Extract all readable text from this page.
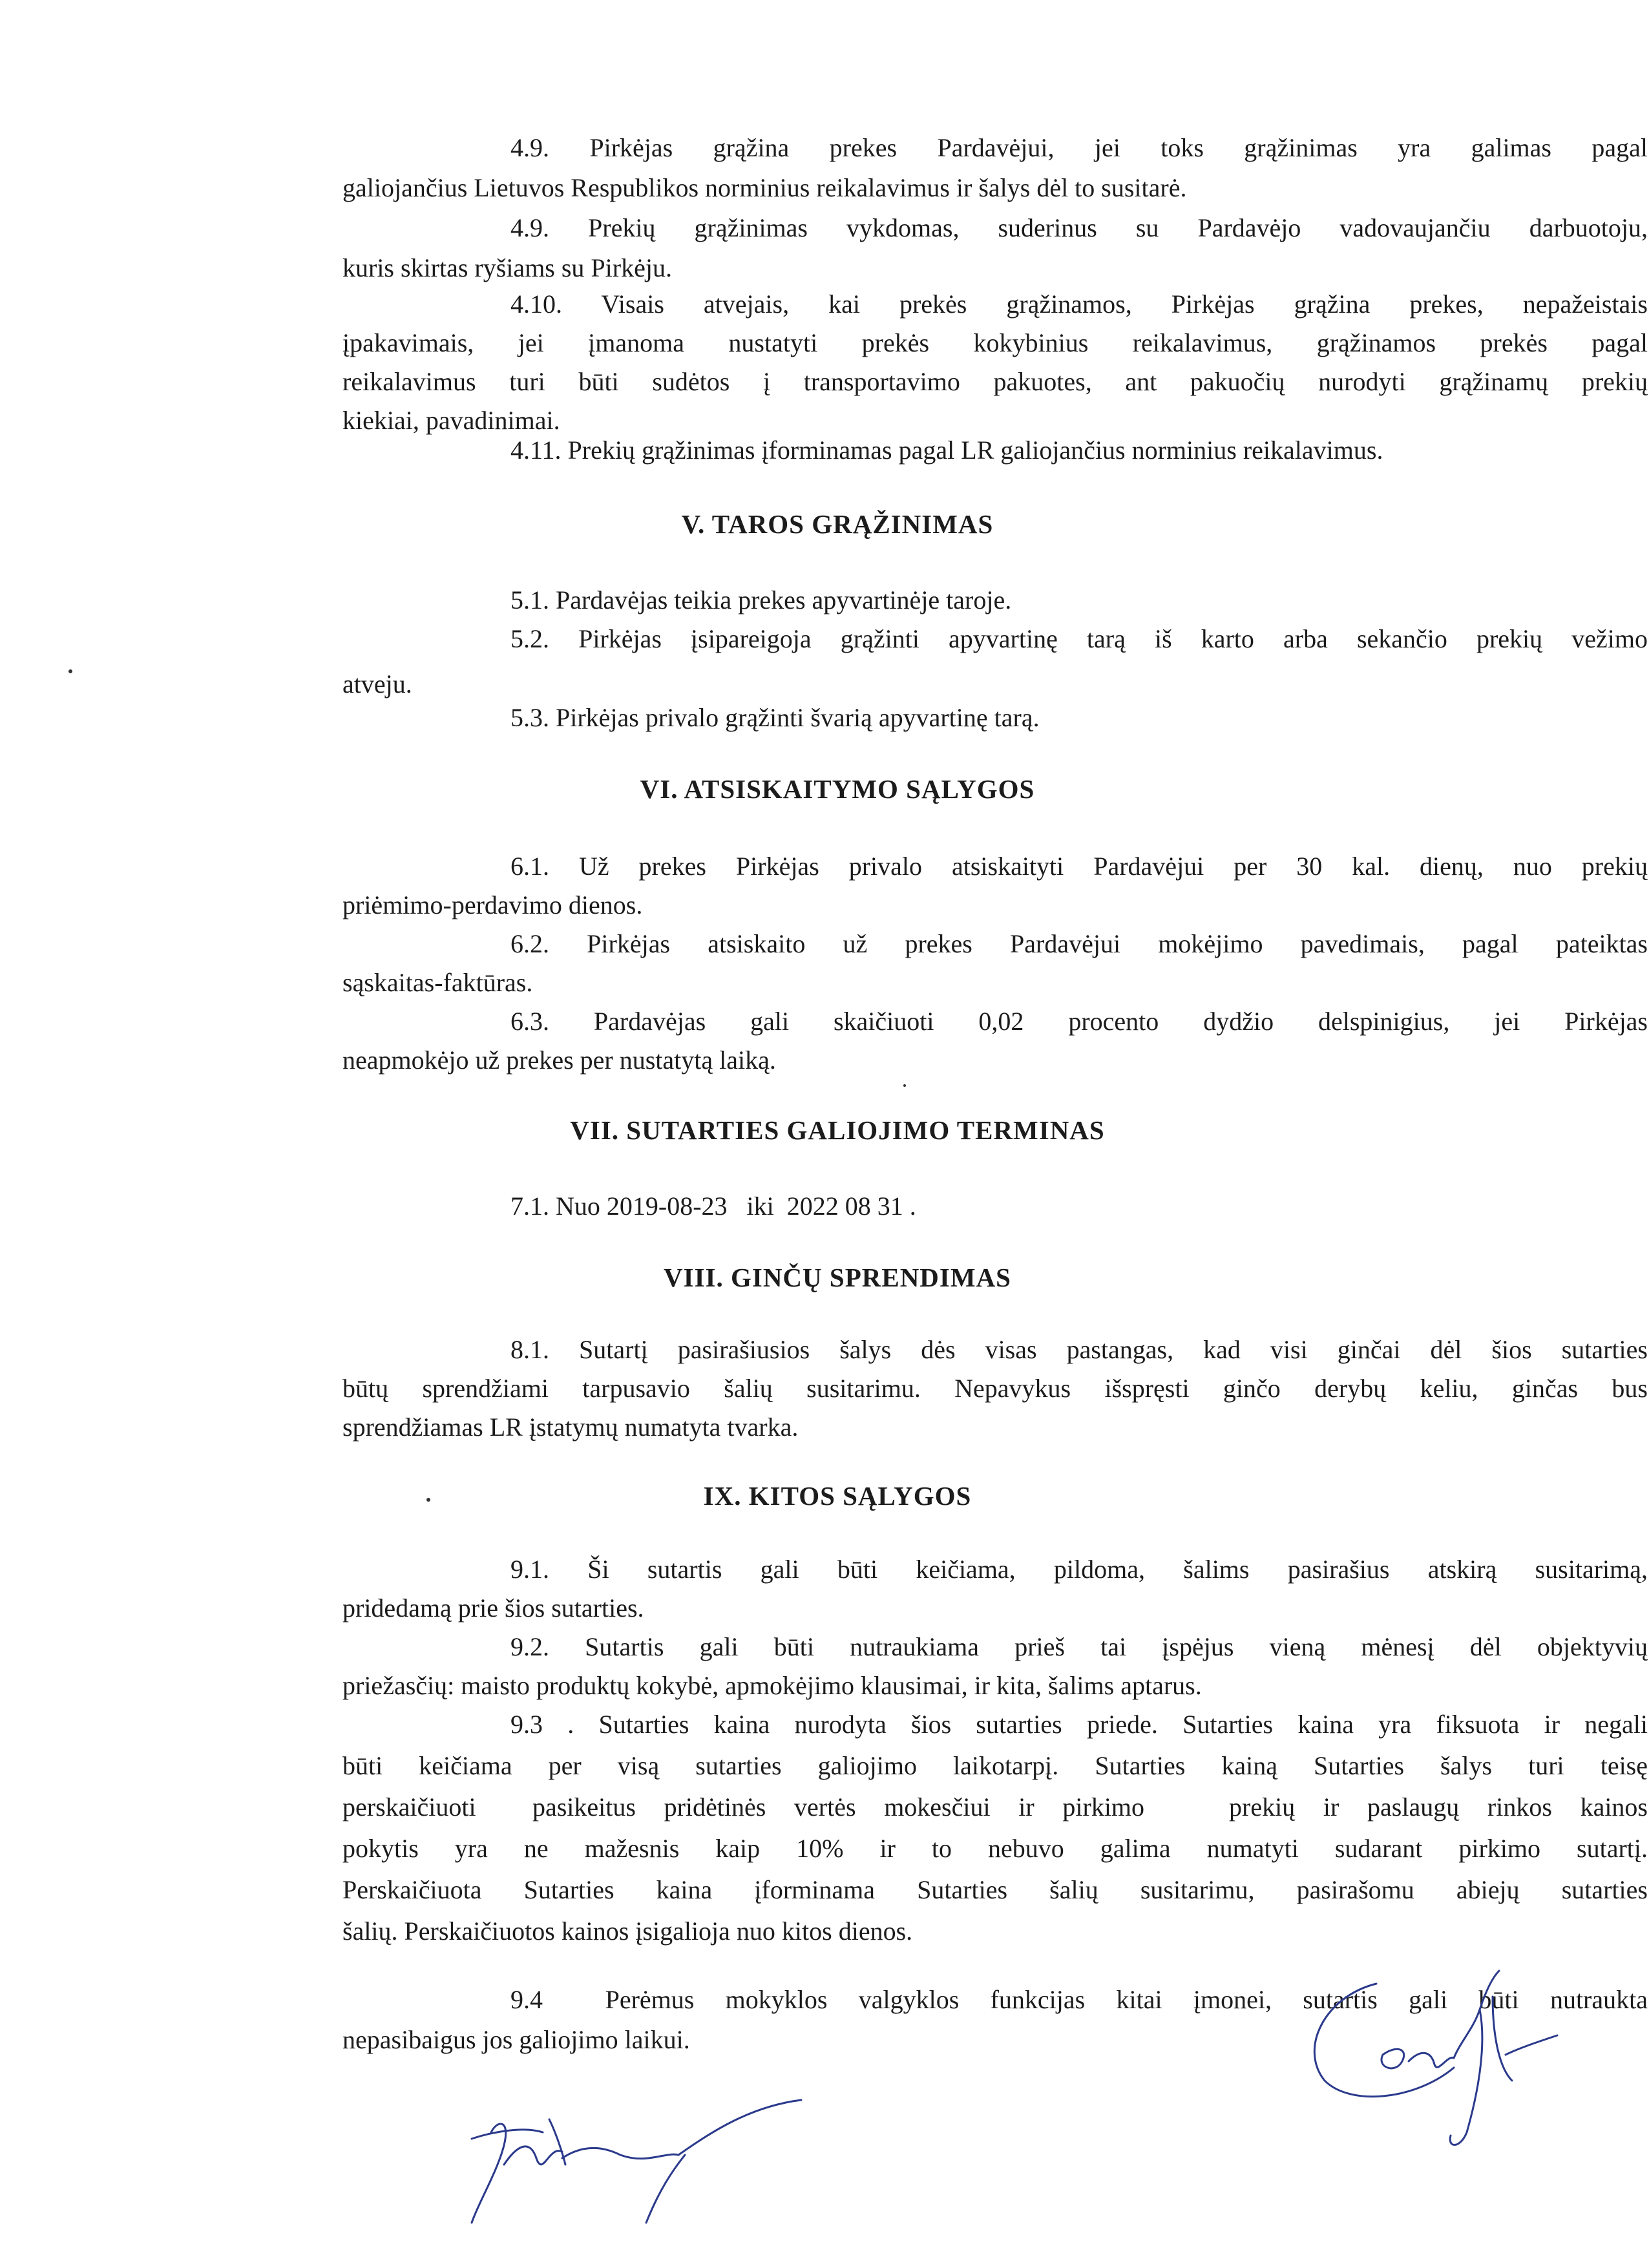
4.9. Pirkėjas grąžina prekes Pardavėjui, jei toks grąžinimas yra galimas pagal
galiojančius Lietuvos Respublikos norminius reikalavimus ir šalys dėl to susitarė.
4.9. Prekių grąžinimas vykdomas, suderinus su Pardavėjo vadovaujančiu darbuotoju,
kuris skirtas ryšiams su Pirkėju.
4.10. Visais atvejais, kai prekės grąžinamos, Pirkėjas grąžina prekes, nepažeistais
įpakavimais, jei įmanoma nustatyti prekės kokybinius reikalavimus, grąžinamos prekės pagal
reikalavimus turi būti sudėtos į transportavimo pakuotes, ant pakuočių nurodyti grąžinamų prekių
kiekiai, pavadinimai.
4.11. Prekių grąžinimas įforminamas pagal LR galiojančius norminius reikalavimus.
V. TAROS GRĄŽINIMAS
5.1. Pardavėjas teikia prekes apyvartinėje taroje.
5.2. Pirkėjas įsipareigoja grąžinti apyvartinę tarą iš karto arba sekančio prekių vežimo
atveju.
5.3. Pirkėjas privalo grąžinti švarią apyvartinę tarą.
VI. ATSISKAITYMO SĄLYGOS
6.1. Už prekes Pirkėjas privalo atsiskaityti Pardavėjui per 30 kal. dienų, nuo prekių
priėmimo-perdavimo dienos.
6.2. Pirkėjas atsiskaito už prekes Pardavėjui mokėjimo pavedimais, pagal pateiktas
sąskaitas-faktūras.
6.3. Pardavėjas gali skaičiuoti 0,02 procento dydžio delspinigius, jei Pirkėjas
neapmokėjo už prekes per nustatytą laiką.
VII. SUTARTIES GALIOJIMO TERMINAS
7.1. Nuo 2019-08-23   iki  2022 08 31 .
VIII. GINČŲ SPRENDIMAS
8.1. Sutartį pasirašiusios šalys dės visas pastangas, kad visi ginčai dėl šios sutarties
būtų sprendžiami tarpusavio šalių susitarimu. Nepavykus išspręsti ginčo derybų keliu, ginčas bus
sprendžiamas LR įstatymų numatyta tvarka.
IX. KITOS SĄLYGOS
9.1. Ši sutartis gali būti keičiama, pildoma, šalims pasirašius atskirą susitarimą,
pridedamą prie šios sutarties.
9.2. Sutartis gali būti nutraukiama prieš tai įspėjus vieną mėnesį dėl objektyvių
priežasčių: maisto produktų kokybė, apmokėjimo klausimai, ir kita, šalims aptarus.
9.3 . Sutarties kaina nurodyta šios sutarties priede. Sutarties kaina yra fiksuota ir negali
būti keičiama per visą sutarties galiojimo laikotarpį. Sutarties kainą Sutarties šalys turi teisę
perskaičiuoti  pasikeitus pridėtinės vertės mokesčiui ir pirkimo   prekių ir paslaugų rinkos kainos
pokytis yra ne mažesnis kaip 10% ir to nebuvo galima numatyti sudarant pirkimo sutartį.
Perskaičiuota Sutarties kaina įforminama Sutarties šalių susitarimu, pasirašomu abiejų sutarties
šalių. Perskaičiuotos kainos įsigalioja nuo kitos dienos.
9.4  Perėmus mokyklos valgyklos funkcijas kitai įmonei, sutartis gali būti nutraukta
nepasibaigus jos galiojimo laikui.
